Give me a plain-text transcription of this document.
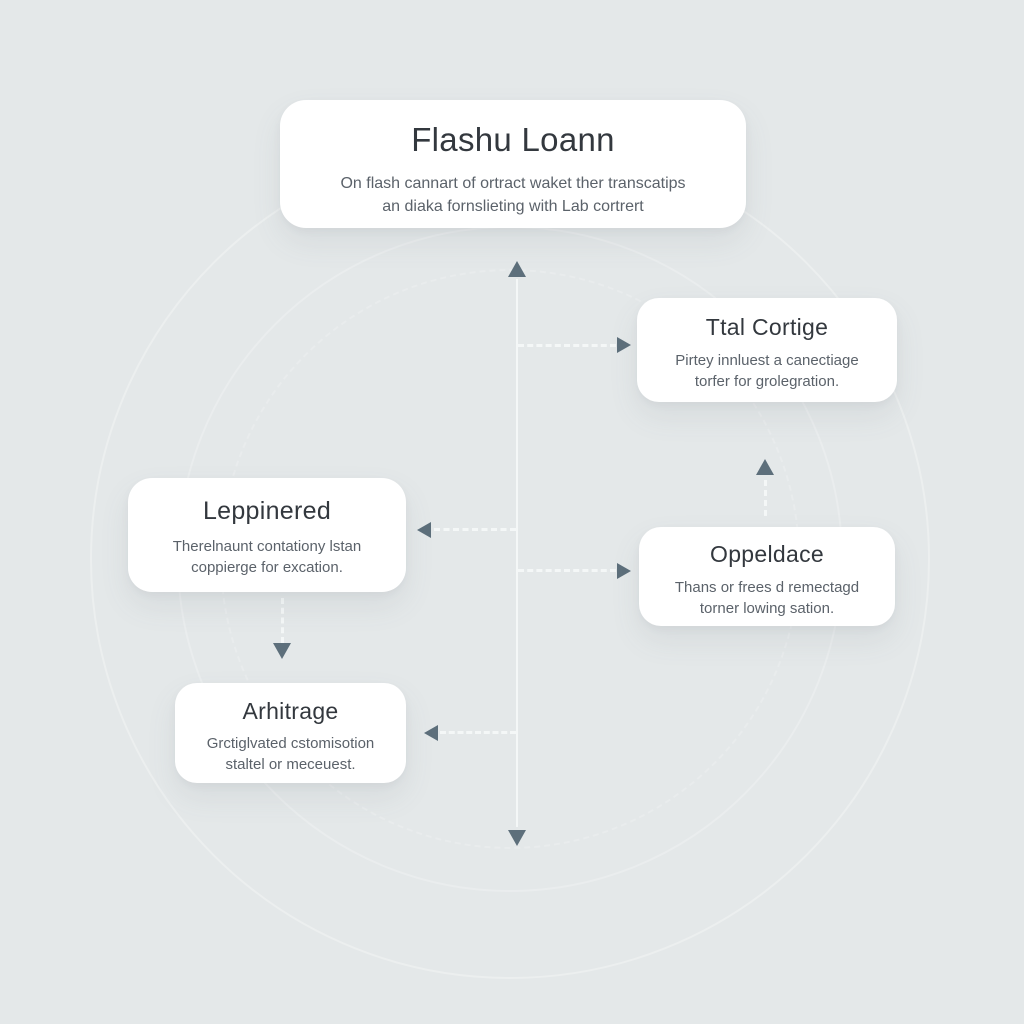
Flashu Loann
On flash cannart of ortract waket ther transcatips
an diaka fornslieting with Lab cortrert
Ttal Cortige
Pirtey innluest a canectiage
torfer for grolegration.
Leppinered
Therelnaunt contationy lstan
coppierge for excation.
Oppeldace
Thans or frees d remectagd
torner lowing sation.
Arhitrage
Grctiglvated cstomisotion
staltel or meceuest.
